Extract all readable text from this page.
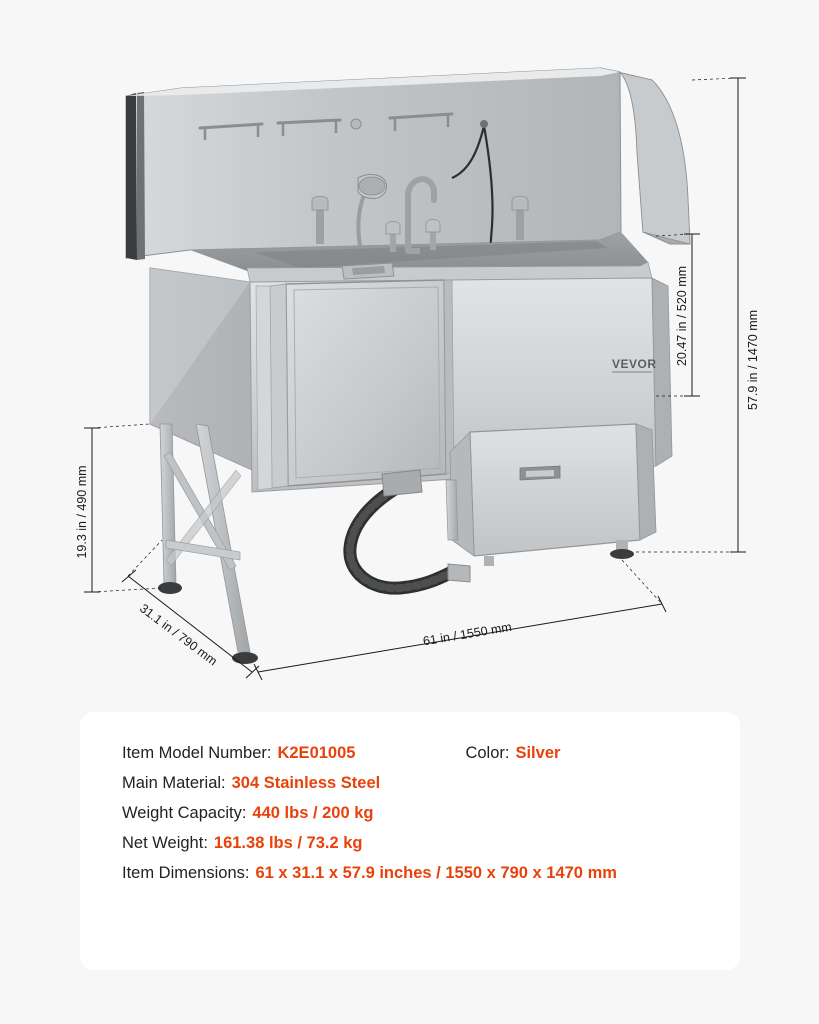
VEVOR	57.9 in / 1470 mm
20.47 in / 520 mm
19.3 in / 490 mm
31.1 in / 790 mm	61 in / 1550 mm
Item Model Number: K2E01005	Color: Silver
Main Material: 304 Stainless Steel
Weight Capacity: 440 lbs / 200 kg
Net Weight: 161.38 lbs / 73.2 kg
Item Dimensions: 61 x 31.1 x 57.9 inches / 1550 x 790 x 1470 mm
